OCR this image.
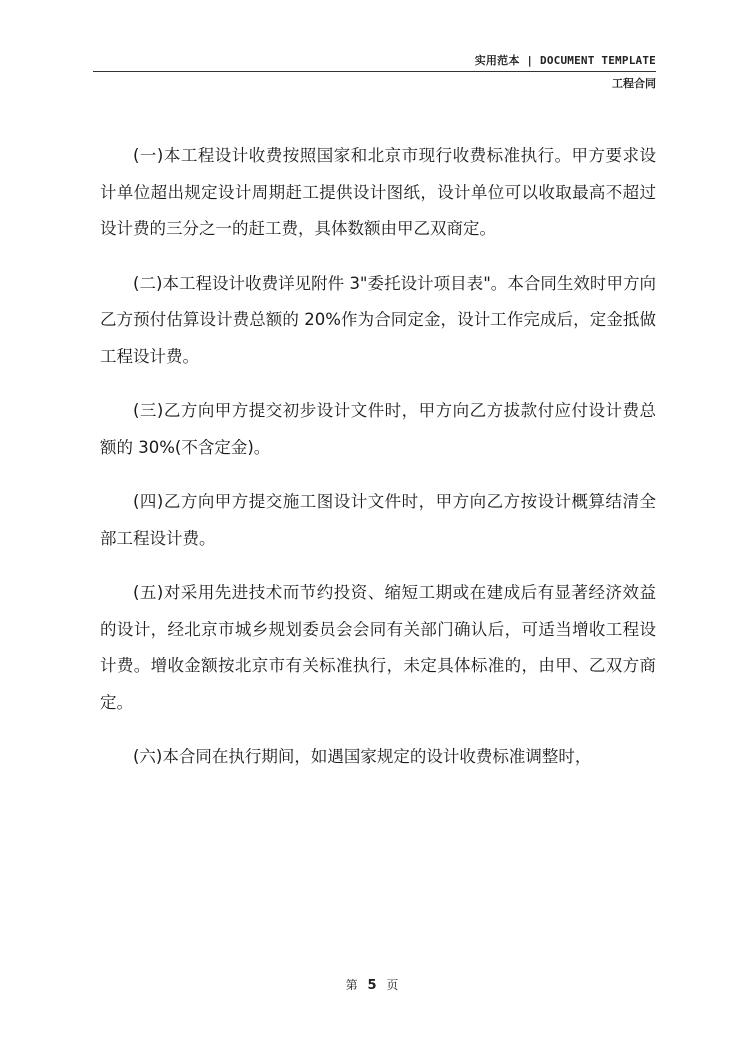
实用范本 | DOCUMENT TEMPLATE
工程合同

(一)本工程设计收费按照国家和北京市现行收费标准执行。甲方要求设计单位超出规定设计周期赶工提供设计图纸，设计单位可以收取最高不超过设计费的三分之一的赶工费，具体数额由甲乙双商定。

(二)本工程设计收费详见附件 3"委托设计项目表"。本合同生效时甲方向乙方预付估算设计费总额的 20%作为合同定金，设计工作完成后，定金抵做工程设计费。

(三)乙方向甲方提交初步设计文件时，甲方向乙方拔款付应付设计费总额的 30%(不含定金)。

(四)乙方向甲方提交施工图设计文件时，甲方向乙方按设计概算结清全部工程设计费。

(五)对采用先进技术而节约投资、缩短工期或在建成后有显著经济效益的设计，经北京市城乡规划委员会会同有关部门确认后，可适当增收工程设计费。增收金额按北京市有关标准执行，未定具体标准的，由甲、乙双方商定。

(六)本合同在执行期间，如遇国家规定的设计收费标准调整时，

第 5 页
